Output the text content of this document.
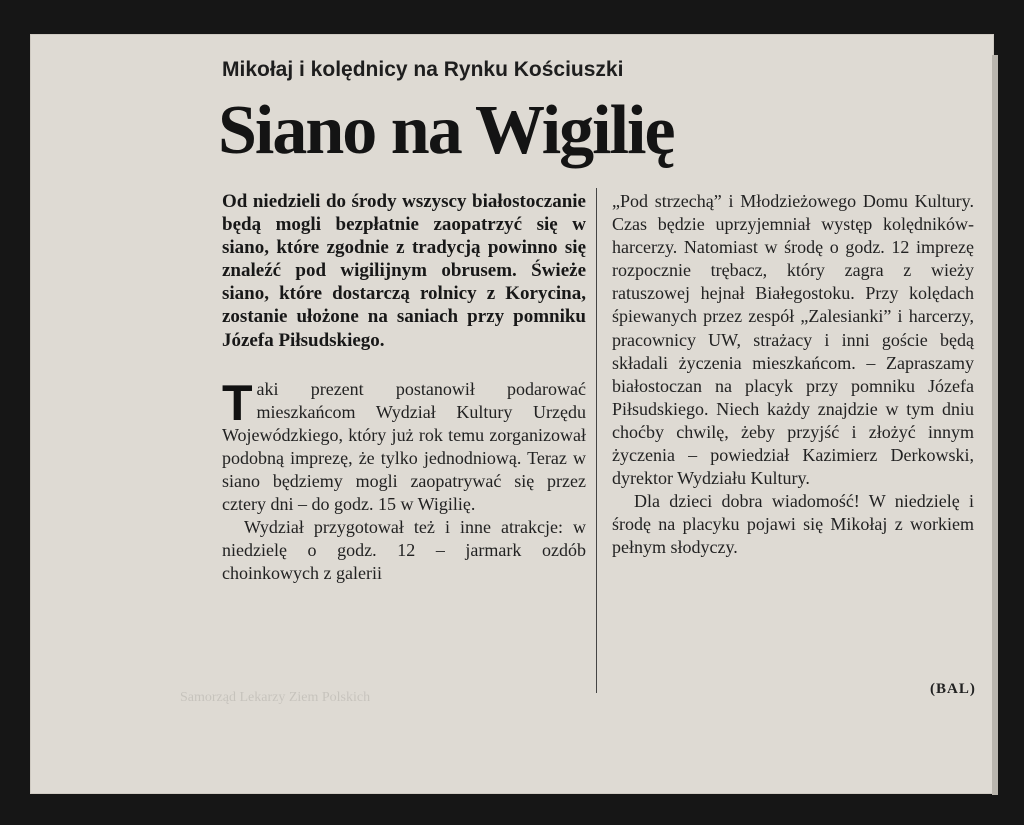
Samorząd Lekarzy Ziem Polskich
Mikołaj i kolędnicy na Rynku Kościuszki
Siano na Wigilię

Od niedzieli do środy wszyscy białostoczanie będą mogli bezpłatnie zaopatrzyć się w siano, które zgodnie z tradycją powinno się znaleźć pod wigilijnym obrusem. Świeże siano, które dostarczą rolnicy z Korycina, zostanie ułożone na saniach przy pomniku Józefa Piłsudskiego.

Taki prezent postanowił podarować mieszkańcom Wydział Kultury Urzędu Wojewódzkiego, który już rok temu zorganizował podobną imprezę, że tylko jednodniową. Teraz w siano będziemy mogli zaopatrywać się przez cztery dni – do godz. 15 w Wigilię.

Wydział przygotował też i inne atrakcje: w niedzielę o godz. 12 – jarmark ozdób choinkowych z galerii

„Pod strzechą” i Młodzieżowego Domu Kultury. Czas będzie uprzyjemniał występ kolędników-harcerzy. Natomiast w środę o godz. 12 imprezę rozpocznie trębacz, który zagra z wieży ratuszowej hejnał Białegostoku. Przy kolędach śpiewanych przez zespół „Zalesianki” i harcerzy, pracownicy UW, strażacy i inni goście będą składali życzenia mieszkańcom. – Zapraszamy białostoczan na placyk przy pomniku Józefa Piłsudskiego. Niech każdy znajdzie w tym dniu choćby chwilę, żeby przyjść i złożyć innym życzenia – powiedział Kazimierz Derkowski, dyrektor Wydziału Kultury.

Dla dzieci dobra wiadomość! W niedzielę i środę na placyku pojawi się Mikołaj z workiem pełnym słodyczy.

(BAL)
